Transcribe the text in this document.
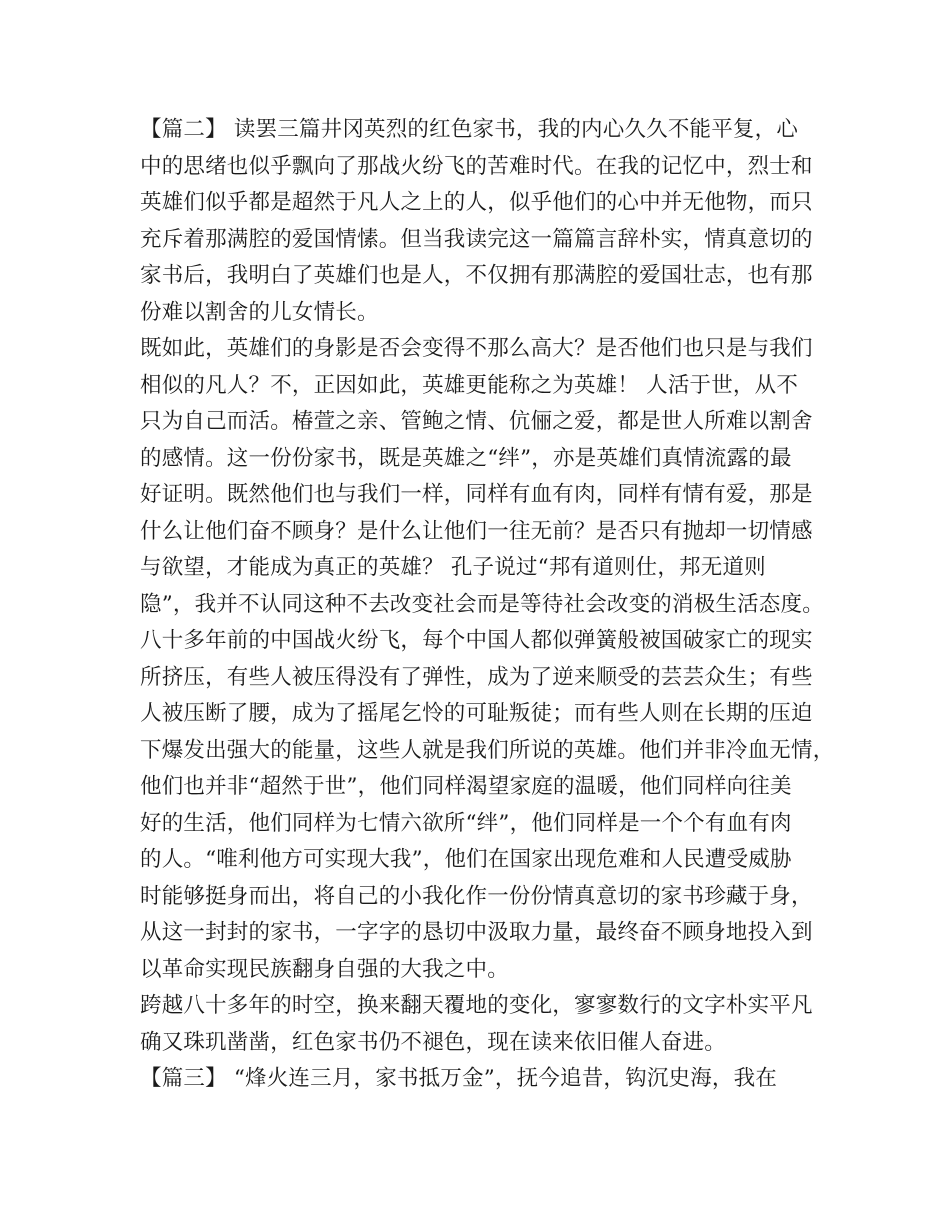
【篇二】 读罢三篇井冈英烈的红色家书，我的内心久久不能平复，心
中的思绪也似乎飘向了那战火纷飞的苦难时代。在我的记忆中，烈士和
英雄们似乎都是超然于凡人之上的人，似乎他们的心中并无他物，而只
充斥着那满腔的爱国情愫。但当我读完这一篇篇言辞朴实，情真意切的
家书后，我明白了英雄们也是人，不仅拥有那满腔的爱国壮志，也有那
份难以割舍的儿女情长。
既如此，英雄们的身影是否会变得不那么高大？是否他们也只是与我们
相似的凡人？不，正因如此，英雄更能称之为英雄！ 人活于世，从不
只为自己而活。椿萱之亲、管鲍之情、伉俪之爱，都是世人所难以割舍
的感情。这一份份家书，既是英雄之“绊”，亦是英雄们真情流露的最
好证明。既然他们也与我们一样，同样有血有肉，同样有情有爱，那是
什么让他们奋不顾身？是什么让他们一往无前？是否只有抛却一切情感
与欲望，才能成为真正的英雄？ 孔子说过“邦有道则仕，邦无道则
隐”，我并不认同这种不去改变社会而是等待社会改变的消极生活态度。
八十多年前的中国战火纷飞，每个中国人都似弹簧般被国破家亡的现实
所挤压，有些人被压得没有了弹性，成为了逆来顺受的芸芸众生；有些
人被压断了腰，成为了摇尾乞怜的可耻叛徒；而有些人则在长期的压迫
下爆发出强大的能量，这些人就是我们所说的英雄。他们并非冷血无情，
他们也并非“超然于世”，他们同样渴望家庭的温暖，他们同样向往美
好的生活，他们同样为七情六欲所“绊”，他们同样是一个个有血有肉
的人。“唯利他方可实现大我”，他们在国家出现危难和人民遭受威胁
时能够挺身而出，将自己的小我化作一份份情真意切的家书珍藏于身，
从这一封封的家书，一字字的恳切中汲取力量，最终奋不顾身地投入到
以革命实现民族翻身自强的大我之中。
跨越八十多年的时空，换来翻天覆地的变化，寥寥数行的文字朴实平凡
确又珠玑凿凿，红色家书仍不褪色，现在读来依旧催人奋进。
【篇三】 “烽火连三月，家书抵万金”，抚今追昔，钩沉史海，我在
